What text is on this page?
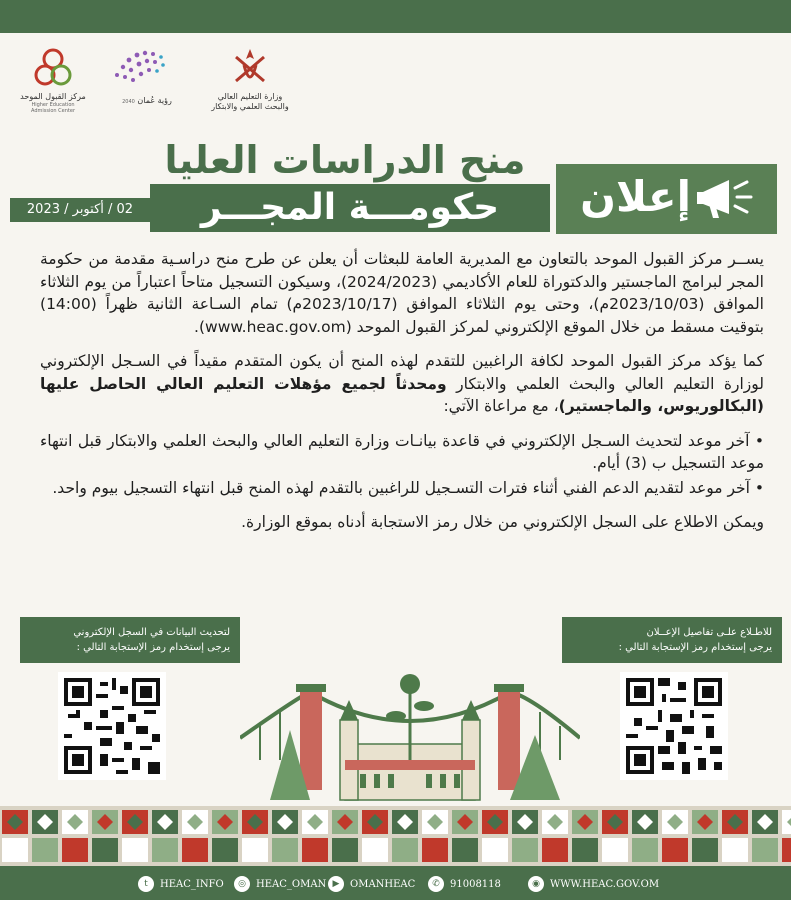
مركز القبول الموحد
Higher Education Admission Center
رؤية عُمان 2040
وزارة التعليم العالي
والبحث العلمي والابتكار
منح الدراسات العليا
حكومـــة المجـــر	إعلان
02 / أكتوبر / 2023

يســر مركز القبول الموحد بالتعاون مع المديرية العامة للبعثات أن يعلن عن طرح منح دراسـية مقدمة من حكومة المجر لبرامج الماجستير والدكتوراة للعام الأكاديمي (2024/2023)، وسيكون التسجيل متاحاً اعتباراً من يوم الثلاثاء الموافق (2023/10/03م)، وحتى يوم الثلاثاء الموافق (2023/10/17م) تمام السـاعة الثانية ظهراً (14:00) بتوقيت مسقط من خلال الموقع الإلكتروني لمركز القبول الموحد (www.heac.gov.om).

كما يؤكد مركز القبول الموحد لكافة الراغبين للتقدم لهذه المنح أن يكون المتقدم مقيداً في السـجل الإلكتروني لوزارة التعليم العالي والبحث العلمي والابتكار ومحدثاً لجميع مؤهلات التعليم العالي الحاصل عليها (البكالوريوس، والماجستير)، مع مراعاة الآتي:

• آخر موعد لتحديث السـجل الإلكتروني في قاعدة بيانـات وزارة التعليم العالي والبحث العلمي والابتكار قبل انتهاء موعد التسجيل ب (3) أيام.

• آخر موعد لتقديم الدعم الفني أثناء فترات التسـجيل للراغبين بالتقدم لهذه المنح قبل انتهاء التسجيل بيوم واحد.

ويمكن الاطلاع على السجل الإلكتروني من خلال رمز الاستجابة أدناه بموقع الوزارة.

لتحديث البيانات في السجل الإلكتروني
يرجى إستخدام رمز الإستجابة التالي :
للاطـلاع علـى تفاصيل الإعــلان
يرجى إستخدام رمز الإستجابة التالي :
t	HEAC_INFO	◎	HEAC_OMAN ▶	OMANHEAC	✆	91008118	◉	WWW.HEAC.GOV.OM
